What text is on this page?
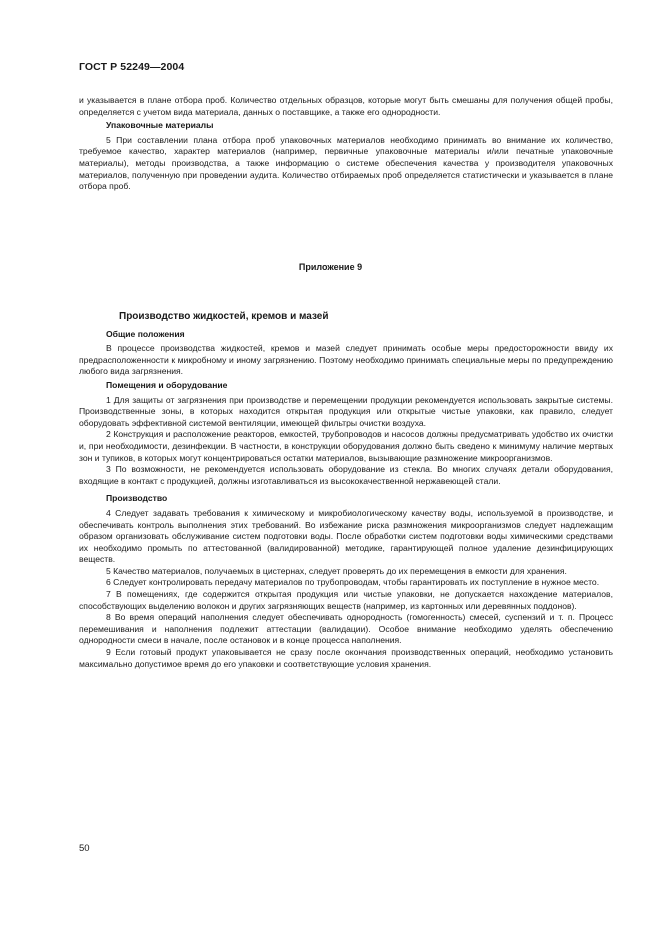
ГОСТ Р 52249—2004

и указывается в плане отбора проб. Количество отдельных образцов, которые могут быть смешаны для получения общей пробы, определяется с учетом вида материала, данных о поставщике, а также его однородности.

Упаковочные материалы

5 При составлении плана отбора проб упаковочных материалов необходимо принимать во внимание их количество, требуемое качество, характер материалов (например, первичные упаковочные материалы и/или печатные упаковочные материалы), методы производства, а также информацию о системе обеспечения качества у производителя упаковочных материалов, полученную при проведении аудита. Количество отбираемых проб определяется статистически и указывается в плане отбора проб.

Приложение 9

Производство жидкостей, кремов и мазей

Общие положения

В процессе производства жидкостей, кремов и мазей следует принимать особые меры предосторожности ввиду их предрасположенности к микробному и иному загрязнению. Поэтому необходимо принимать специальные меры по предупреждению любого вида загрязнения.

Помещения и оборудование

1 Для защиты от загрязнения при производстве и перемещении продукции рекомендуется использовать закрытые системы. Производственные зоны, в которых находится открытая продукция или открытые чистые упаковки, как правило, следует оборудовать эффективной системой вентиляции, имеющей фильтры очистки воздуха.

2 Конструкция и расположение реакторов, емкостей, трубопроводов и насосов должны предусматривать удобство их очистки и, при необходимости, дезинфекции. В частности, в конструкции оборудования должно быть сведено к минимуму наличие мертвых зон и тупиков, в которых могут концентрироваться остатки материалов, вызывающие размножение микроорганизмов.

3 По возможности, не рекомендуется использовать оборудование из стекла. Во многих случаях детали оборудования, входящие в контакт с продукцией, должны изготавливаться из высококачественной нержавеющей стали.

Производство

4 Следует задавать требования к химическому и микробиологическому качеству воды, используемой в производстве, и обеспечивать контроль выполнения этих требований. Во избежание риска размножения микроорганизмов следует надлежащим образом организовать обслуживание систем подготовки воды. После обработки систем подготовки воды химическими средствами их необходимо промыть по аттестованной (валидированной) методике, гарантирующей полное удаление дезинфицирующих веществ.

5 Качество материалов, получаемых в цистернах, следует проверять до их перемещения в емкости для хранения.

6 Следует контролировать передачу материалов по трубопроводам, чтобы гарантировать их поступление в нужное место.

7 В помещениях, где содержится открытая продукция или чистые упаковки, не допускается нахождение материалов, способствующих выделению волокон и других загрязняющих веществ (например, из картонных или деревянных поддонов).

8 Во время операций наполнения следует обеспечивать однородность (гомогенность) смесей, суспензий и т. п. Процесс перемешивания и наполнения подлежит аттестации (валидации). Особое внимание необходимо уделять обеспечению однородности смеси в начале, после остановок и в конце процесса наполнения.

9 Если готовый продукт упаковывается не сразу после окончания производственных операций, необходимо установить максимально допустимое время до его упаковки и соответствующие условия хранения.

50
